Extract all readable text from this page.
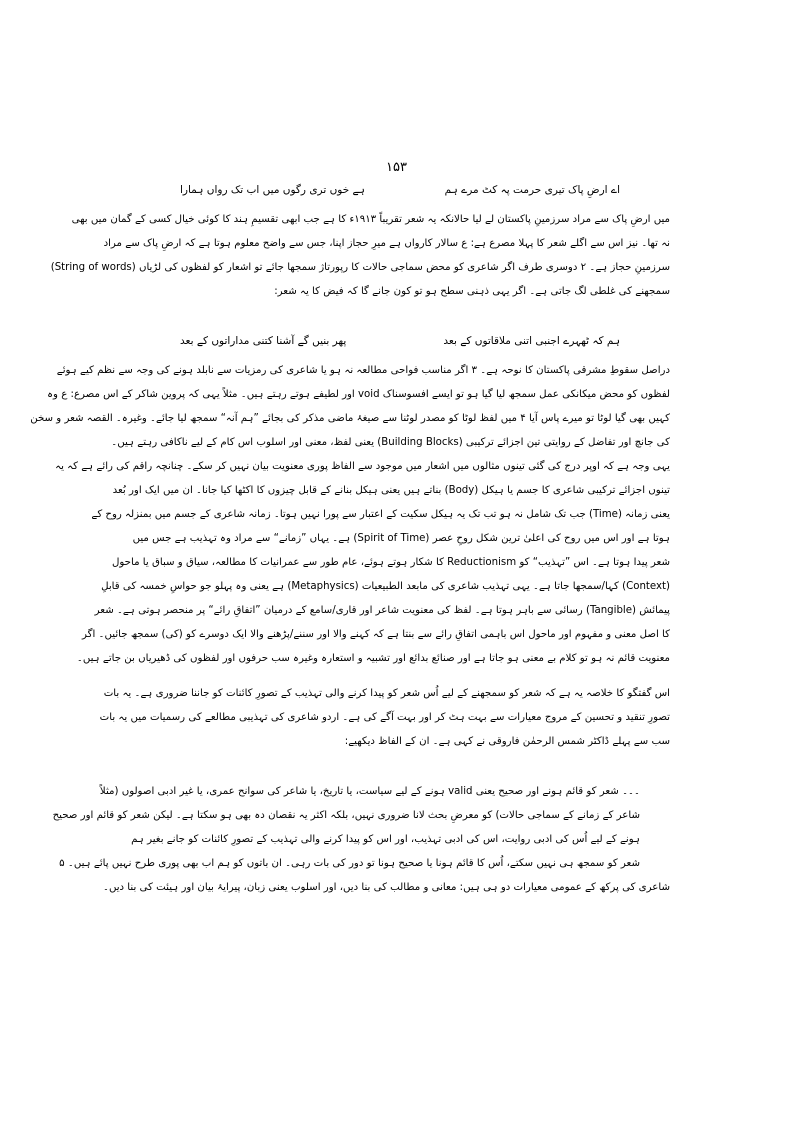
۱۵۳
اے ارضِ پاک تیری حرمت پہ کٹ مرے ہم
ہے خوں تری رگوں میں اب تک رواں ہمارا
میں ارضِ پاک سے مراد سرزمینِ پاکستان لے لیا حالانکہ یہ شعر تقریباً ۱۹۱۳ء کا ہے جب ابھی تقسیمِ ہند کا کوئی خیال کسی کے گمان میں بھی
نہ تھا۔ نیز اس سے اگلے شعر کا پہلا مصرع ہے: ع سالار کارواں ہے میرِ حجاز اپنا، جس سے واضح معلوم ہوتا ہے کہ ارضِ پاک سے مراد
سرزمینِ حجاز ہے۔ ۲ دوسری طرف اگر شاعری کو محض سماجی حالات کا رپورتاژ سمجھا جائے تو اشعار کو لفظوں کی لڑیاں (String of words)
سمجھنے کی غلطی لگ جاتی ہے۔ اگر یہی ذہنی سطح ہو تو کون جانے گا کہ فیض کا یہ شعر:
ہم کہ ٹھہرے اجنبی اتنی ملاقاتوں کے بعد
پھر بنیں گے آشنا کتنی مداراتوں کے بعد
دراصل سقوطِ مشرقی پاکستان کا نوحہ ہے۔ ۳ اگر مناسب فواحی مطالعہ نہ ہو یا شاعری کی رمزیات سے نابلد ہونے کی وجہ سے نظم کیے ہوئے
لفظوں کو محض میکانکی عمل سمجھ لیا گیا ہو تو ایسے افسوسناک void اور لطیفے ہوتے رہتے ہیں۔ مثلاً یہی کہ پروین شاکر کے اس مصرع: ع وہ
کہیں بھی گیا لوٹا تو میرے پاس آیا ۴ میں لفظ لوٹا کو مصدر لوٹنا سے صیغۂ ماضی مذکر کی بجائے ”ہم آنہ“ سمجھ لیا جائے۔ وغیرہ۔ القصہ شعر و سخن
کی جانچ اور تفاضل کے روایتی تین اجزائے ترکیبی (Building Blocks) یعنی لفظ، معنی اور اسلوب اس کام کے لیے ناکافی رہتے ہیں۔
یہی وجہ ہے کہ اوپر درج کی گئی تینوں مثالوں میں اشعار میں موجود سے الفاظ پوری معنویت بیان نہیں کر سکے۔ چنانچہ راقم کی رائے ہے کہ یہ
تینوں اجزائے ترکیبی شاعری کا جسم یا ہیکل (Body) بناتے ہیں یعنی ہیکل بنانے کے قابل چیزوں کا اکٹھا کیا جانا۔ ان میں ایک اور بُعد
یعنی زمانہ (Time) جب تک شامل نہ ہو تب تک یہ ہیکل سکیت کے اعتبار سے پورا نہیں ہوتا۔ زمانہ شاعری کے جسم میں بمنزلہ روح کے
ہوتا ہے اور اس میں روح کی اعلیٰ ترین شکل روحِ عصر (Spirit of Time) ہے۔ یہاں ”زمانے“ سے مراد وہ تہذیب ہے جس میں
شعر پیدا ہوتا ہے۔ اس ”تہذیب“ کو Reductionism کا شکار ہوتے ہوئے، عام طور سے عمرانیات کا مطالعہ، سیاق و سباق یا ماحول
(Context) کہا/سمجھا جاتا ہے۔ یہی تہذیب شاعری کی مابعد الطبیعیات (Metaphysics) ہے یعنی وہ پہلو جو حواسِ خمسہ کی قابلِ
پیمائش (Tangible) رسائی سے باہر ہوتا ہے۔ لفظ کی معنویت شاعر اور قاری/سامع کے درمیان ”اتفاقِ رائے“ پر منحصر ہوتی ہے۔ شعر
کا اصل معنی و مفہوم اور ماحول اس باہمی اتفاقِ رائے سے بنتا ہے کہ کہنے والا اور سننے/پڑھنے والا ایک دوسرے کو (کی) سمجھ جائیں۔ اگر
معنویت قائم نہ ہو تو کلام بے معنی ہو جاتا ہے اور صنائع بدائع اور تشبیہ و استعارہ وغیرہ سب حرفوں اور لفظوں کی ڈھیریاں بن جاتے ہیں۔
اس گفتگو کا خلاصہ یہ ہے کہ شعر کو سمجھنے کے لیے اُس شعر کو پیدا کرنے والی تہذیب کے تصورِ کائنات کو جاننا ضروری ہے۔ یہ بات
تصورِ تنقید و تحسین کے مروج معیارات سے بہت ہٹ کر اور بہت آگے کی ہے۔ اردو شاعری کی تہذیبی مطالعے کی رسمیات میں یہ بات
سب سے پہلے ڈاکٹر شمس الرحمٰن فاروقی نے کہی ہے۔ ان کے الفاظ دیکھیے:
۔۔۔ شعر کو قائم ہونے اور صحیح یعنی valid ہونے کے لیے سیاست، یا تاریخ، یا شاعر کی سوانح عمری، یا غیر ادبی اصولوں (مثلاً
شاعر کے زمانے کے سماجی حالات) کو معرضِ بحث لانا ضروری نہیں، بلکہ اکثر یہ نقصان دہ بھی ہو سکتا ہے۔ لیکن شعر کو قائم اور صحیح
ہونے کے لیے اُس کی ادبی روایت، اس کی ادبی تہذیب، اور اس کو پیدا کرنے والی تہذیب کے تصورِ کائنات کو جانے بغیر ہم
شعر کو سمجھ ہی نہیں سکتے، اُس کا قائم ہونا یا صحیح ہونا تو دور کی بات رہی۔ ان باتوں کو ہم اب بھی پوری طرح نہیں پائے ہیں۔ ۵
شاعری کی پرکھ کے عمومی معیارات دو ہی ہیں: معانی و مطالب کی بنا دیں، اور اسلوب یعنی زبان، پیرایۂ بیان اور ہیئت کی بنا دیں۔
